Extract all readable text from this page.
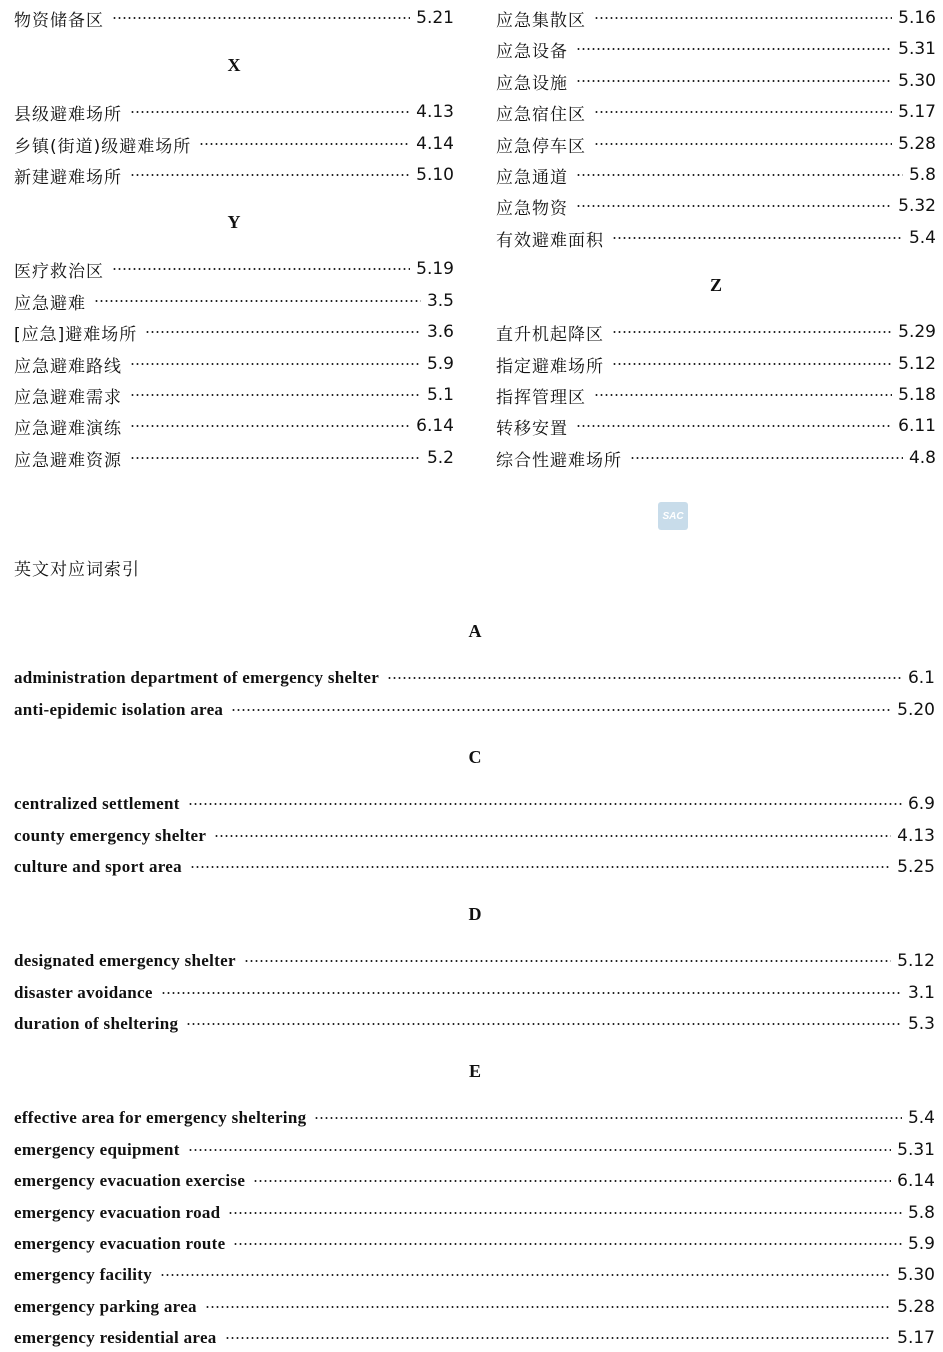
物资储备区	5.21
X
县级避难场所	4.13
乡镇(街道)级避难场所	4.14
新建避难场所	5.10
Y
医疗救治区	5.19
应急避难	3.5
[应急]避难场所	3.6
应急避难路线	5.9
应急避难需求	5.1
应急避难演练	6.14
应急避难资源	5.2
应急集散区	5.16
应急设备	5.31
应急设施	5.30
应急宿住区	5.17
应急停车区	5.28
应急通道	5.8
应急物资	5.32
有效避难面积	5.4
Z
直升机起降区	5.29
指定避难场所	5.12
指挥管理区	5.18
转移安置	6.11
综合性避难场所	4.8
SAC
英文对应词索引
A
administration department of emergency shelter	6.1
anti-epidemic isolation area	5.20
C
centralized settlement	6.9
county emergency shelter	4.13
culture and sport area	5.25
D
designated emergency shelter	5.12
disaster avoidance	3.1
duration of sheltering	5.3
E
effective area for emergency sheltering	5.4
emergency equipment	5.31
emergency evacuation exercise	6.14
emergency evacuation road	5.8
emergency evacuation route	5.9
emergency facility	5.30
emergency parking area	5.28
emergency residential area	5.17
